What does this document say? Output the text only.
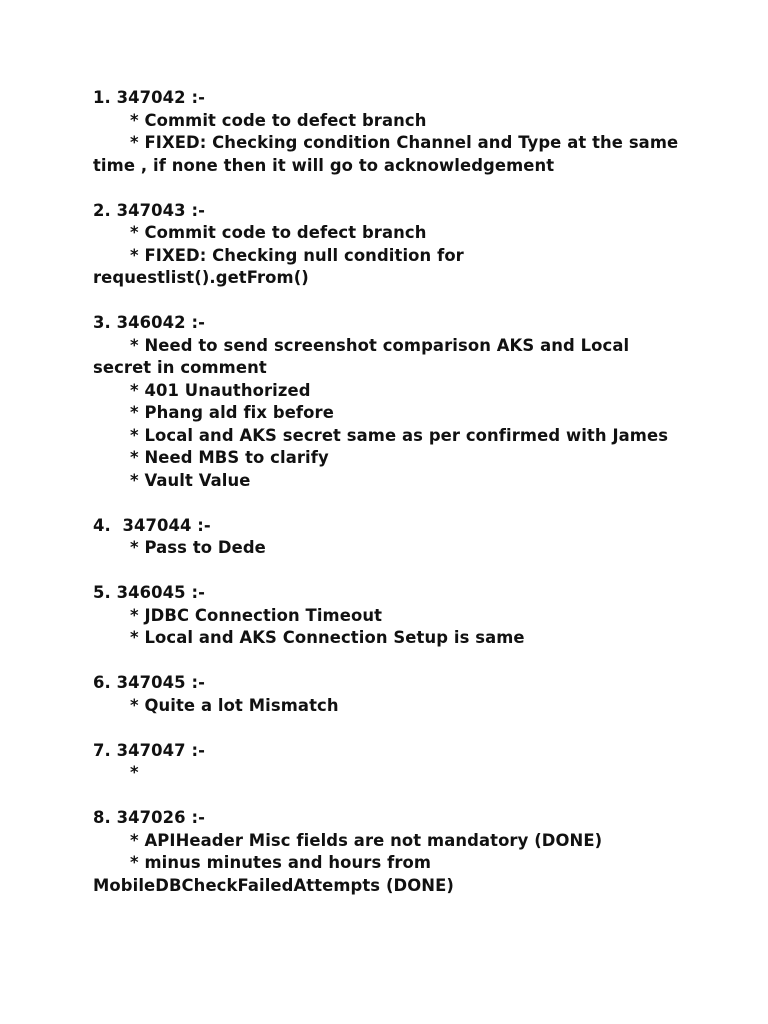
1. 347042 :-
* Commit code to defect branch
* FIXED: Checking condition Channel and Type at the same time , if none then it will go to acknowledgement
2. 347043 :-
* Commit code to defect branch
* FIXED: Checking null condition for requestlist().getFrom()
3. 346042 :-
* Need to send screenshot comparison AKS and Local secret in comment
* 401 Unauthorized
* Phang ald fix before
* Local and AKS secret same as per confirmed with James
* Need MBS to clarify
* Vault Value
4.  347044 :-
* Pass to Dede
5. 346045 :-
* JDBC Connection Timeout
* Local and AKS Connection Setup is same
6. 347045 :-
* Quite a lot Mismatch
7. 347047 :-
*
8. 347026 :-
* APIHeader Misc fields are not mandatory (DONE)
* minus minutes and hours from MobileDBCheckFailedAttempts (DONE)
